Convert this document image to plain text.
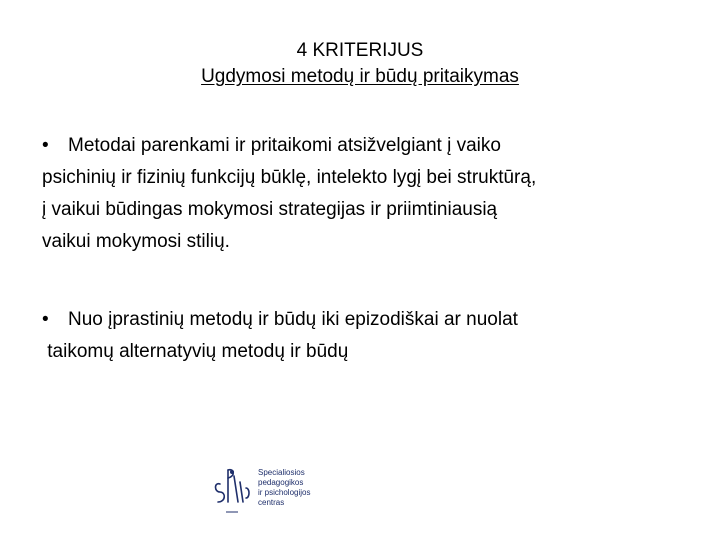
4 KRITERIJUS
Ugdymosi metodų ir būdų pritaikymas
• Metodai parenkami ir pritaikomi atsižvelgiant į vaiko
psichinių ir fizinių funkcijų būklę, intelekto lygį bei struktūrą,
į vaikui būdingas mokymosi strategijas ir priimtiniausią
vaikui mokymosi stilių.
• Nuo įprastinių metodų ir būdų iki epizodiškai ar nuolat
taikomų alternatyvių metodų ir būdų
Specialiosios
pedagogikos
ir psichologijos
centras
